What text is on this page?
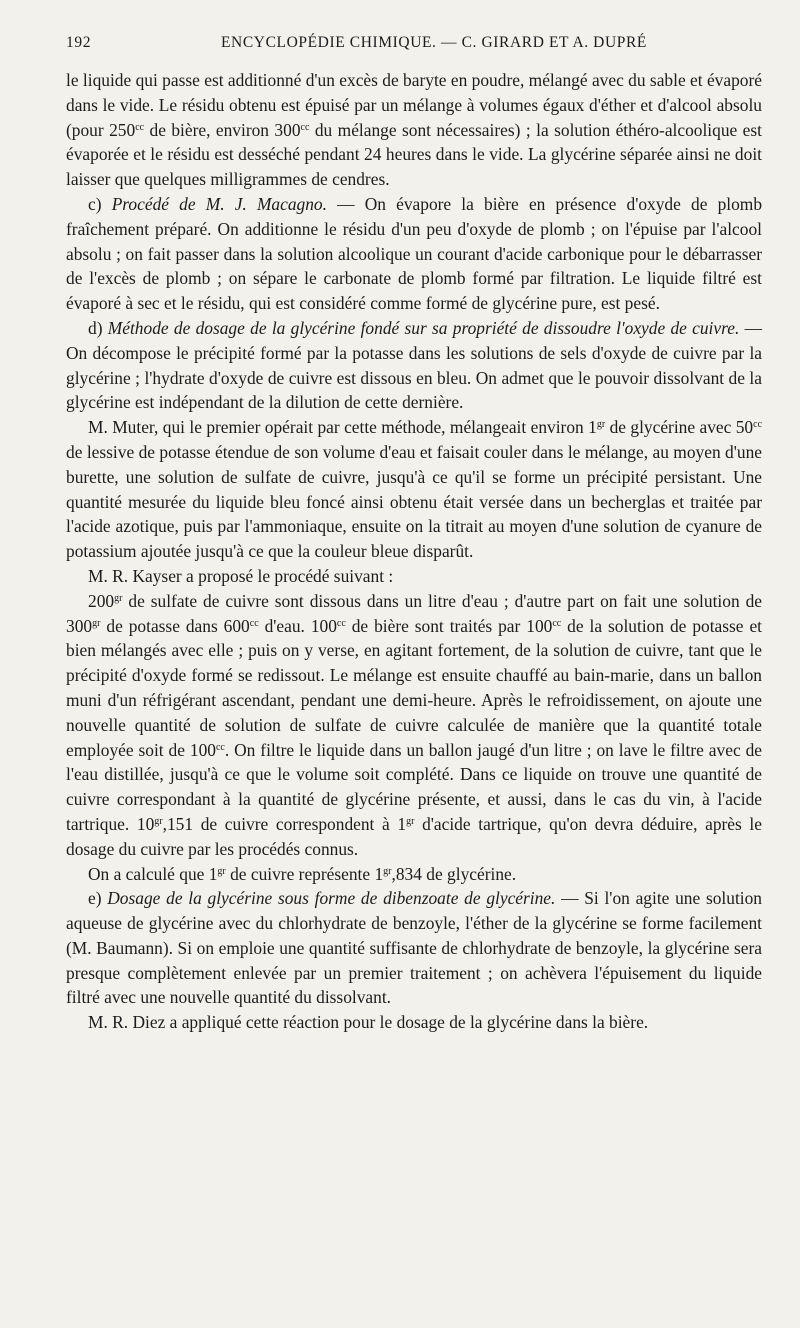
192	ENCYCLOPÉDIE CHIMIQUE. — C. GIRARD ET A. DUPRÉ

le liquide qui passe est additionné d'un excès de baryte en poudre, mélangé avec du sable et évaporé dans le vide. Le résidu obtenu est épuisé par un mélange à volumes égaux d'éther et d'alcool absolu (pour $250^{cc}$ de bière, environ $300^{cc}$ du mélange sont nécessaires) ; la solution éthéro-alcoolique est évaporée et le résidu est desséché pendant 24 heures dans le vide. La glycérine séparée ainsi ne doit laisser que quelques milligrammes de cendres.

c) Procédé de M. J. Macagno. — On évapore la bière en présence d'oxyde de plomb fraîchement préparé. On additionne le résidu d'un peu d'oxyde de plomb ; on l'épuise par l'alcool absolu ; on fait passer dans la solution alcoolique un courant d'acide carbonique pour le débarrasser de l'excès de plomb ; on sépare le carbonate de plomb formé par filtration. Le liquide filtré est évaporé à sec et le résidu, qui est considéré comme formé de glycérine pure, est pesé.

d) Méthode de dosage de la glycérine fondé sur sa propriété de dissoudre l'oxyde de cuivre. — On décompose le précipité formé par la potasse dans les solutions de sels d'oxyde de cuivre par la glycérine ; l'hydrate d'oxyde de cuivre est dissous en bleu. On admet que le pouvoir dissolvant de la glycérine est indépendant de la dilution de cette dernière.

M. Muter, qui le premier opérait par cette méthode, mélangeait environ $1^{gr}$ de glycérine avec $50^{cc}$ de lessive de potasse étendue de son volume d'eau et faisait couler dans le mélange, au moyen d'une burette, une solution de sulfate de cuivre, jusqu'à ce qu'il se forme un précipité persistant. Une quantité mesurée du liquide bleu foncé ainsi obtenu était versée dans un becherglas et traitée par l'acide azotique, puis par l'ammoniaque, ensuite on la titrait au moyen d'une solution de cyanure de potassium ajoutée jusqu'à ce que la couleur bleue disparût.

M. R. Kayser a proposé le procédé suivant :

$200^{gr}$ de sulfate de cuivre sont dissous dans un litre d'eau ; d'autre part on fait une solution de $300^{gr}$ de potasse dans $600^{cc}$ d'eau. $100^{cc}$ de bière sont traités par $100^{cc}$ de la solution de potasse et bien mélangés avec elle ; puis on y verse, en agitant fortement, de la solution de cuivre, tant que le précipité d'oxyde formé se redissout. Le mélange est ensuite chauffé au bain-marie, dans un ballon muni d'un réfrigérant ascendant, pendant une demi-heure. Après le refroidissement, on ajoute une nouvelle quantité de solution de sulfate de cuivre calculée de manière que la quantité totale employée soit de $100^{cc}$. On filtre le liquide dans un ballon jaugé d'un litre ; on lave le filtre avec de l'eau distillée, jusqu'à ce que le volume soit complété. Dans ce liquide on trouve une quantité de cuivre correspondant à la quantité de glycérine présente, et aussi, dans le cas du vin, à l'acide tartrique. $10^{gr},151$ de cuivre correspondent à $1^{gr}$ d'acide tartrique, qu'on devra déduire, après le dosage du cuivre par les procédés connus.

On a calculé que $1^{gr}$ de cuivre représente $1^{gr},834$ de glycérine.

e) Dosage de la glycérine sous forme de dibenzoate de glycérine. — Si l'on agite une solution aqueuse de glycérine avec du chlorhydrate de benzoyle, l'éther de la glycérine se forme facilement (M. Baumann). Si on emploie une quantité suffisante de chlorhydrate de benzoyle, la glycérine sera presque complètement enlevée par un premier traitement ; on achèvera l'épuisement du liquide filtré avec une nouvelle quantité du dissolvant.

M. R. Diez a appliqué cette réaction pour le dosage de la glycérine dans la bière.
